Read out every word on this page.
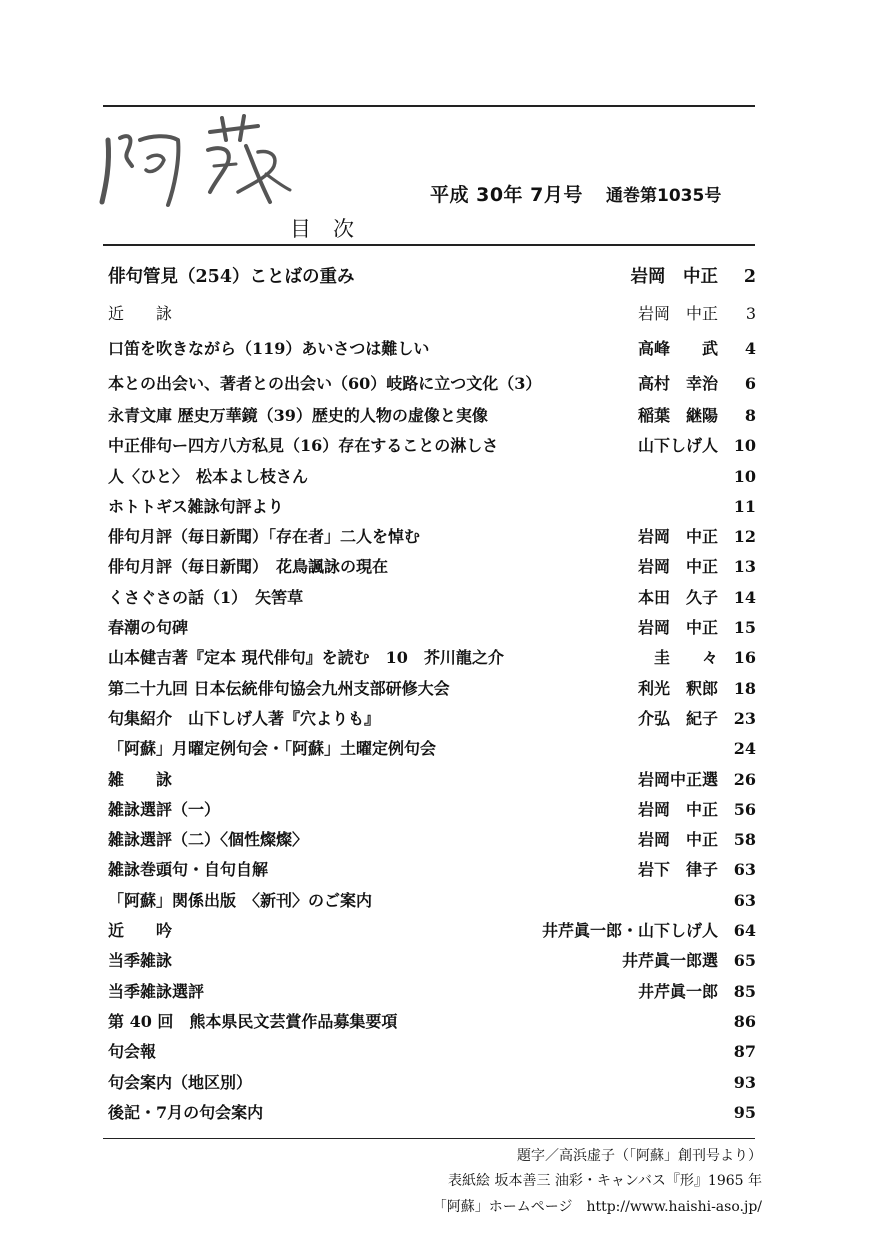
平成 30年 7月号 通巻第1035号
目次
俳句管見（254）ことばの重み	岩岡　中正	2
近　　詠	岩岡　中正	3
口笛を吹きながら（119）あいさつは難しい	高峰　　武	4
本との出会い、著者との出会い（60）岐路に立つ文化（3）	高村　幸治	6
永青文庫 歴史万華鏡（39）歴史的人物の虚像と実像	稲葉　継陽	8
中正俳句ー四方八方私見（16）存在することの淋しさ	山下しげ人 10
人〈ひと〉　松本よし枝さん	10
ホトトギス雑詠句評より	11
俳句月評（毎日新聞）「存在者」二人を悼む	岩岡　中正 12
俳句月評（毎日新聞）　花鳥諷詠の現在	岩岡　中正 13
くさぐさの話（1）　矢筈草	本田　久子 14
春潮の句碑	岩岡　中正 15
山本健吉著『定本 現代俳句』を読む　10　芥川龍之介	圭　　々 16
第二十九回 日本伝統俳句協会九州支部研修大会	利光　釈郎 18
句集紹介　山下しげ人著『穴よりも』	介弘　紀子 23
「阿蘇」月曜定例句会・「阿蘇」土曜定例句会	24
雑　　詠	岩岡中正選 26
雑詠選評（一）	岩岡　中正 56
雑詠選評（二）〈個性燦燦〉	岩岡　中正 58
雑詠巻頭句・自句自解	岩下　律子 63
「阿蘇」関係出版　〈新刊〉のご案内	63
近　　吟	井芹眞一郎・山下しげ人 64
当季雑詠	井芹眞一郎選 65
当季雑詠選評	井芹眞一郎 85
第 40 回　熊本県民文芸賞作品募集要項	86
句会報	87
句会案内（地区別）	93
後記・7月の句会案内	95
題字／高浜虚子（「阿蘇」創刊号より）
表紙絵 坂本善三 油彩・キャンバス『形』1965 年
「阿蘇」ホームページ　http://www.haishi-aso.jp/
